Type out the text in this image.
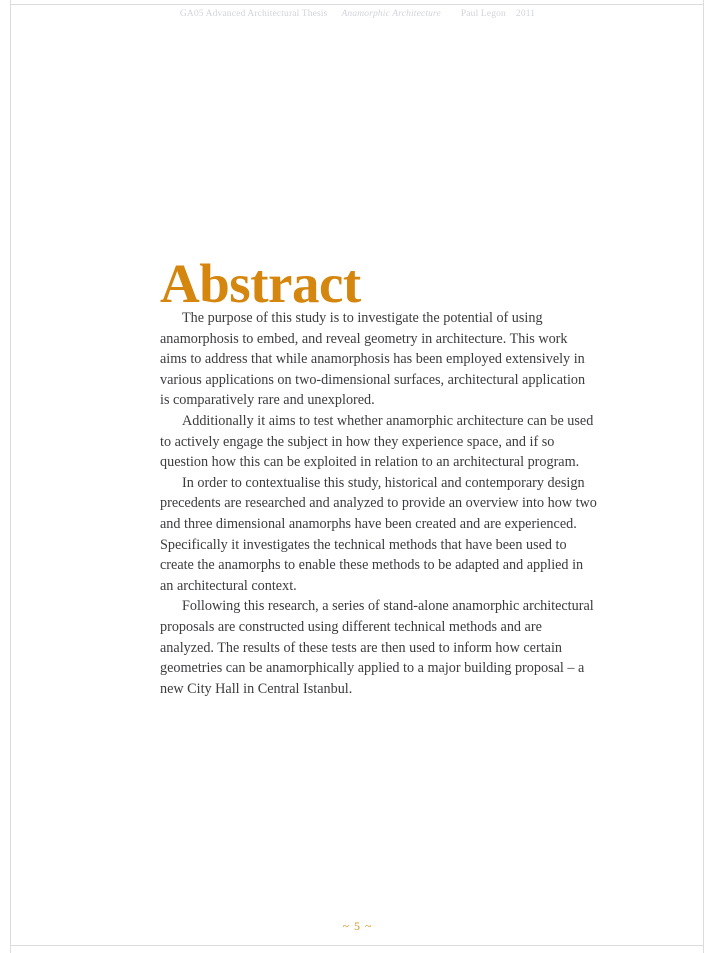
GA05 Advanced Architectural Thesis Anamorphic Architecture Paul Legon 2011
Abstract

The purpose of this study is to investigate the potential of using anamorphosis to embed, and reveal geometry in architecture. This work aims to address that while anamorphosis has been employed extensively in various applications on two-dimensional surfaces, architectural application is comparatively rare and unexplored.

Additionally it aims to test whether anamorphic architecture can be used to actively engage the subject in how they experience space, and if so question how this can be exploited in relation to an architectural program.

In order to contextualise this study, historical and contemporary design precedents are researched and analyzed to provide an overview into how two and three dimensional anamorphs have been created and are experienced. Specifically it investigates the technical methods that have been used to create the anamorphs to enable these methods to be adapted and applied in an architectural context.

Following this research, a series of stand-alone anamorphic architectural proposals are constructed using different technical methods and are analyzed. The results of these tests are then used to inform how certain geometries can be anamorphically applied to a major building proposal – a new City Hall in Central Istanbul.

~ 5 ~
